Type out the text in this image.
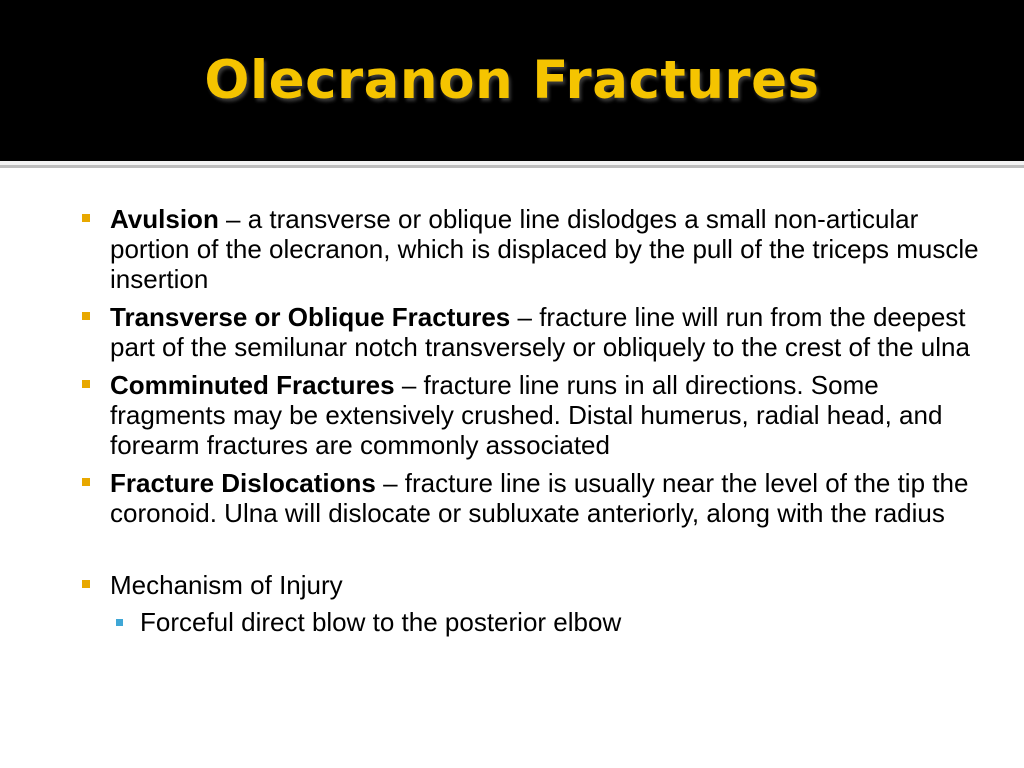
Olecranon Fractures
Avulsion – a transverse or oblique line dislodges a small non-articular portion of the olecranon, which is displaced by the pull of the triceps muscle insertion
Transverse or Oblique Fractures – fracture line will run from the deepest part of the semilunar notch transversely or obliquely to the crest of the ulna
Comminuted Fractures – fracture line runs in all directions. Some fragments may be extensively crushed. Distal humerus, radial head, and forearm fractures are commonly associated
Fracture Dislocations – fracture line is usually near the level of the tip the coronoid. Ulna will dislocate or subluxate anteriorly, along with the radius
Mechanism of Injury
Forceful direct blow to the posterior elbow
